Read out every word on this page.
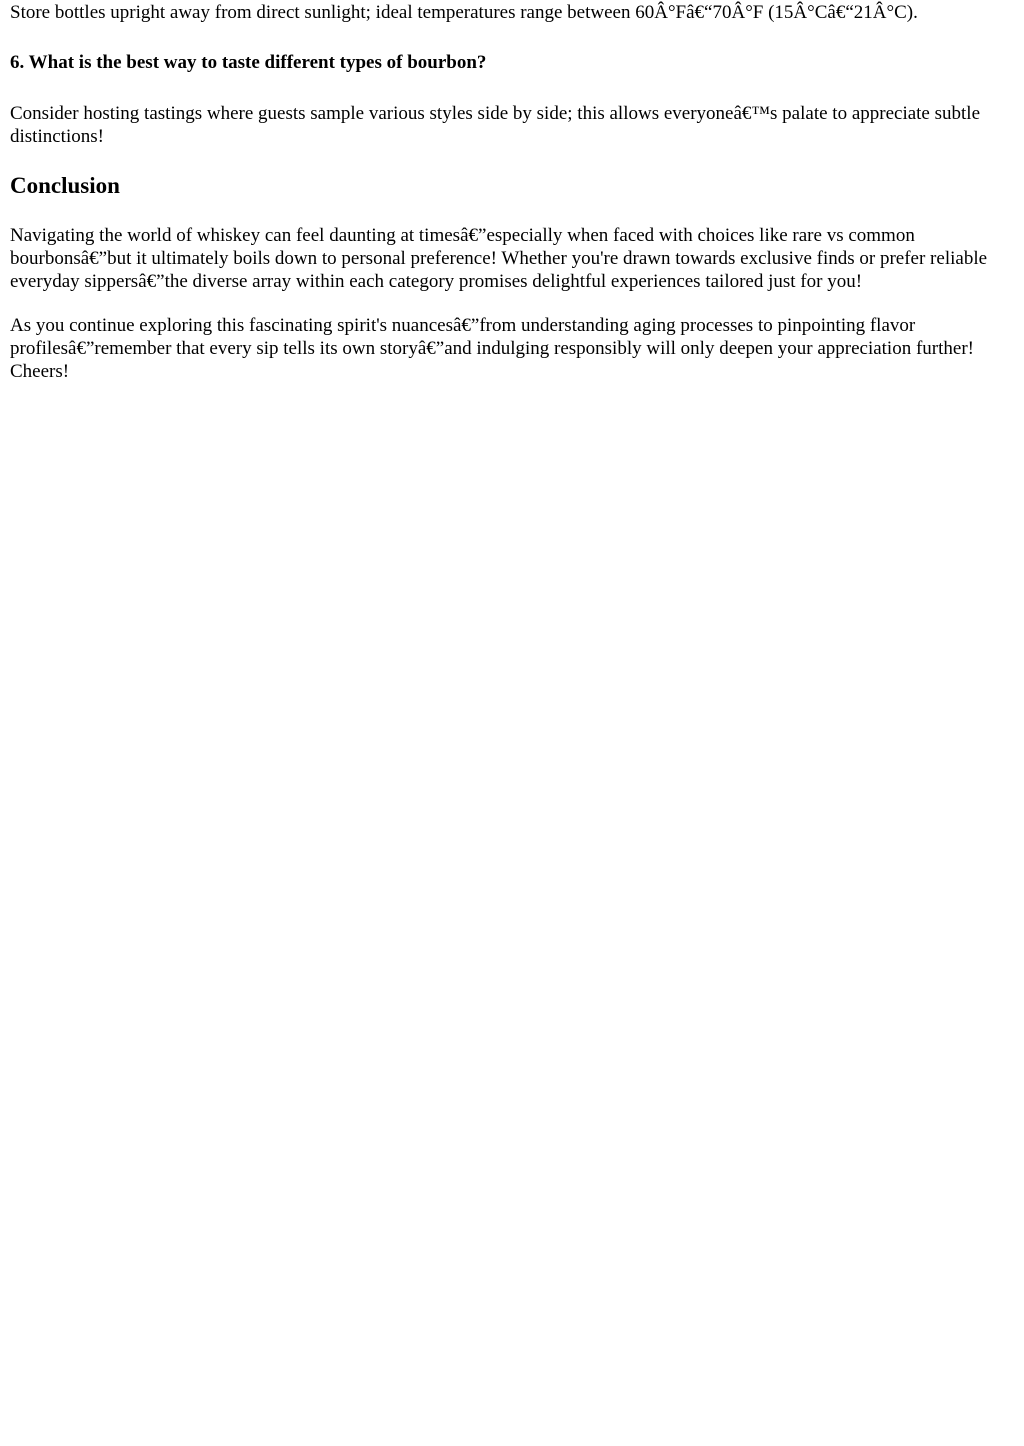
Store bottles upright away from direct sunlight; ideal temperatures range between 60Â°Fâ€“70Â°F (15Â°Câ€“21Â°C).

6. What is the best way to taste different types of bourbon?

Consider hosting tastings where guests sample various styles side by side; this allows everyoneâ€™s palate to appreciate subtle distinctions!

Conclusion

Navigating the world of whiskey can feel daunting at timesâ€”especially when faced with choices like rare vs common bourbonsâ€”but it ultimately boils down to personal preference! Whether you're drawn towards exclusive finds or prefer reliable everyday sippersâ€”the diverse array within each category promises delightful experiences tailored just for you!

As you continue exploring this fascinating spirit's nuancesâ€”from understanding aging processes to pinpointing flavor profilesâ€”remember that every sip tells its own storyâ€”and indulging responsibly will only deepen your appreciation further! Cheers!
